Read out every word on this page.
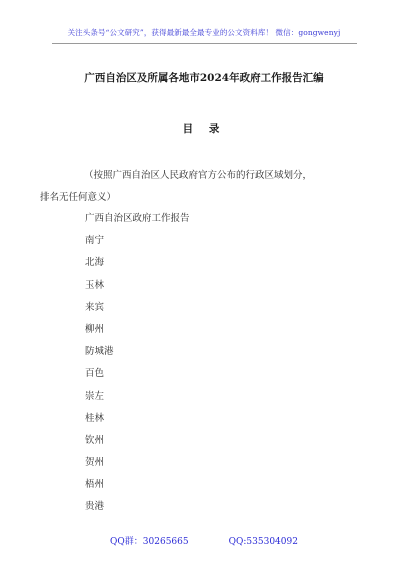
关注头条号“公文研究”，获得最新最全最专业的公文资料库！ 微信：gongwenyj
广西自治区及所属各地市2024年政府工作报告汇编
目 录

（按照广西自治区人民政府官方公布的行政区域划分，
排名无任何意义）

广西自治区政府工作报告
南宁
北海
玉林
来宾
柳州
防城港
百色
崇左
桂林
钦州
贺州
梧州
贵港
QQ群：30265665	QQ:535304092
